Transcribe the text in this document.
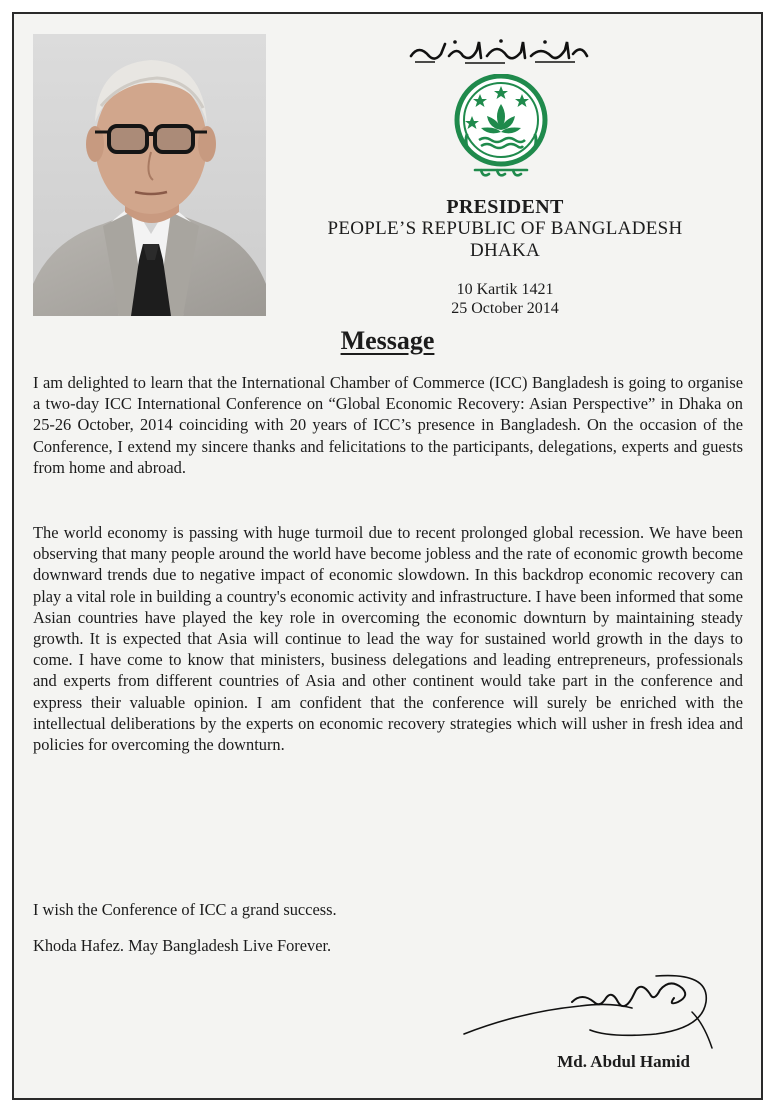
PRESIDENT
PEOPLE’S REPUBLIC OF BANGLADESH
DHAKA
10 Kartik 1421
25 October 2014
Message

I am delighted to learn that the International Chamber of Commerce (ICC) Bangladesh is going to organise a two-day ICC International Conference on “Global Economic Recovery: Asian Perspective” in Dhaka on 25-26 October, 2014 coinciding with 20 years of ICC’s presence in Bangladesh. On the occasion of the Conference, I extend my sincere thanks and felicitations to the participants, delegations, experts and guests from home and abroad.

The world economy is passing with huge turmoil due to recent prolonged global recession. We have been observing that many people around the world have become jobless and the rate of economic growth become downward trends due to negative impact of economic slowdown. In this backdrop economic recovery can play a vital role in building a country's economic activity and infrastructure. I have been informed that some Asian countries have played the key role in overcoming the economic downturn by maintaining steady growth. It is expected that Asia will continue to lead the way for sustained world growth in the days to come. I have come to know that ministers, business delegations and leading entrepreneurs, professionals and experts from different countries of Asia and other continent would take part in the conference and express their valuable opinion. I am confident that the conference will surely be enriched with the intellectual deliberations by the experts on economic recovery strategies which will usher in fresh idea and policies for overcoming the downturn.

I wish the Conference of ICC a grand success.

Khoda Hafez. May Bangladesh Live Forever.

Md. Abdul Hamid
